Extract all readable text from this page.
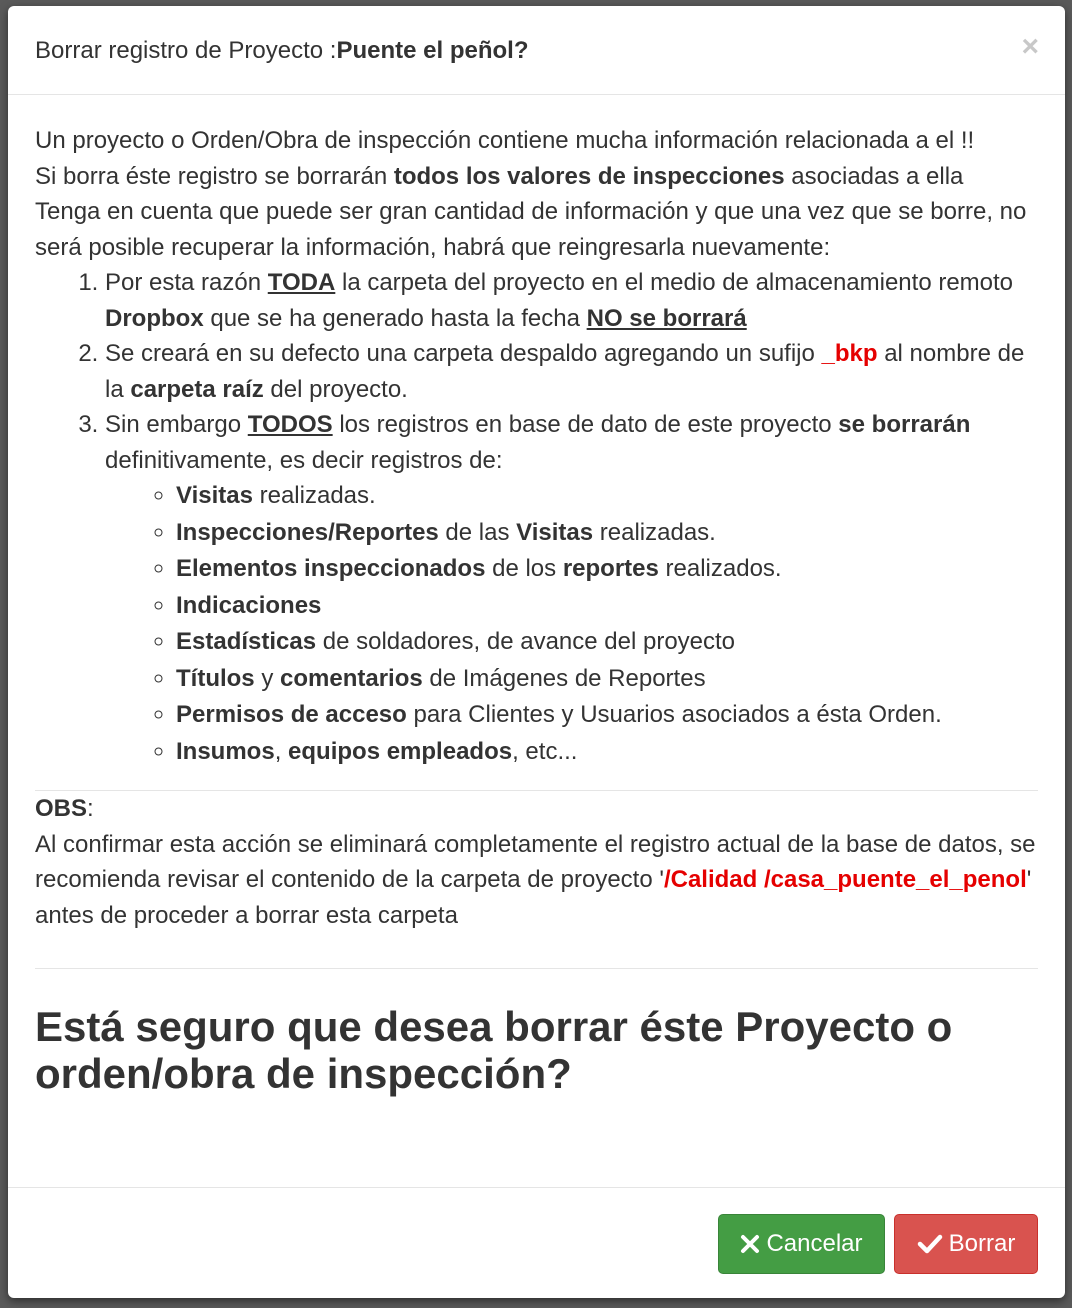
Borrar registro de Proyecto :Puente el peñol?	×

Un proyecto o Orden/Obra de inspección contiene mucha información relacionada a el !!
Si borra éste registro se borrarán todos los valores de inspecciones asociadas a ella
Tenga en cuenta que puede ser gran cantidad de información y que una vez que se borre, no será posible recuperar la información, habrá que reingresarla nuevamente:

1. Por esta razón TODA la carpeta del proyecto en el medio de almacenamiento remoto Dropbox que se ha generado hasta la fecha NO se borrará
2. Se creará en su defecto una carpeta despaldo agregando un sufijo _bkp al nombre de la carpeta raíz del proyecto.
3. Sin embargo TODOS los registros en base de dato de este proyecto se borrarán definitivamente, es decir registros de:
◦ Visitas realizadas.
◦ Inspecciones/Reportes de las Visitas realizadas.
◦ Elementos inspeccionados de los reportes realizados.
◦ Indicaciones
◦ Estadísticas de soldadores, de avance del proyecto
◦ Títulos y comentarios de Imágenes de Reportes
◦ Permisos de acceso para Clientes y Usuarios asociados a ésta Orden.
◦ Insumos, equipos empleados, etc...

OBS:
Al confirmar esta acción se eliminará completamente el registro actual de la base de datos, se recomienda revisar el contenido de la carpeta de proyecto '/Calidad /casa_puente_el_penol' antes de proceder a borrar esta carpeta

Está seguro que desea borrar éste Proyecto o orden/obra de inspección?
Cancelar	Borrar
